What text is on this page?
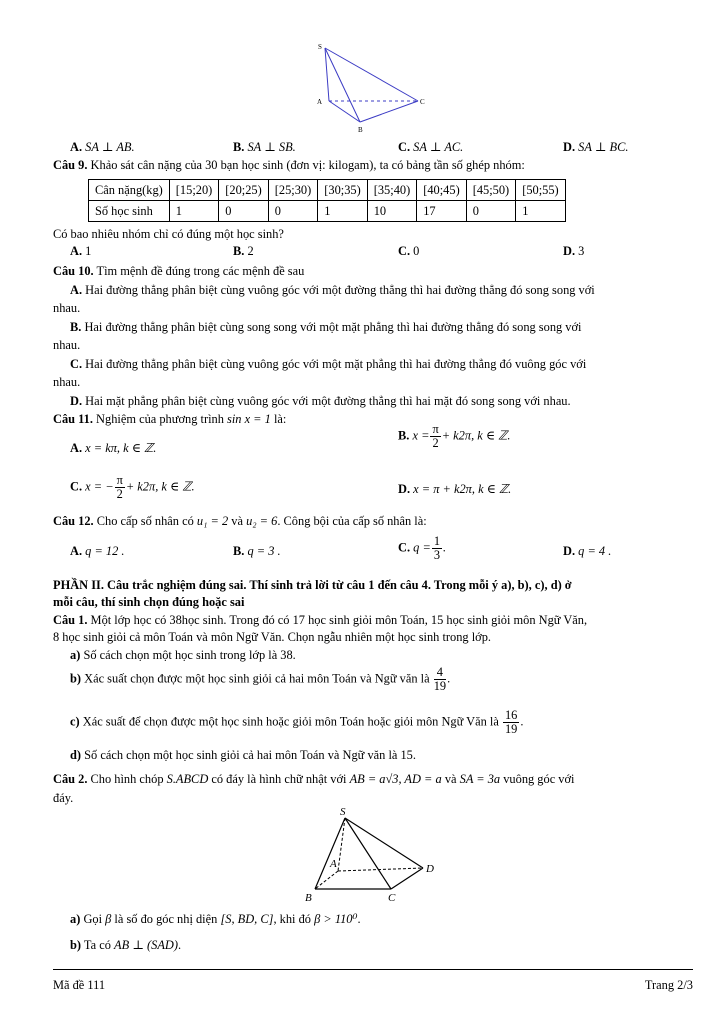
S
A
B
C
A. SA ⊥ AB.	B. SA ⊥ SB.	C. SA ⊥ AC.	D. SA ⊥ BC.
Câu 9. Khảo sát cân nặng của 30 bạn học sinh (đơn vị: kilogam), ta có bảng tần số ghép nhóm:
Cân nặng(kg)	[15;20)	[20;25)	[25;30)	[30;35)	[35;40)	[40;45)	[45;50)	[50;55)
Số học sinh	1	0	0	1	10	17	0	1
Có bao nhiêu nhóm chỉ có đúng một học sinh?
A. 1	B. 2	C. 0	D. 3
Câu 10. Tìm mệnh đề đúng trong các mệnh đề sau
A. Hai đường thẳng phân biệt cùng vuông góc với một đường thẳng thì hai đường thẳng đó song song với
nhau.
B. Hai đường thẳng phân biệt cùng song song với một mặt phẳng thì hai đường thẳng đó song song với
nhau.
C. Hai đường thẳng phân biệt cùng vuông góc với một mặt phẳng thì hai đường thẳng đó vuông góc với
nhau.
D. Hai mặt phẳng phân biệt cùng vuông góc với một đường thẳng thì hai mặt đó song song với nhau.
Câu 11. Nghiệm của phương trình sin x = 1 là:
A. x = kπ, k ∈ ℤ.
B. $x = \frac{\pi}{2} + k2\pi$, k ∈ ℤ.
C. x = − $\frac{\pi}{2} + k2\pi$, k ∈ ℤ.	D. x = π + k2π, k ∈ ℤ.
Câu 12. Cho cấp số nhân có u₁ = 2 và u₂ = 6. Công bội của cấp số nhân là:
A. q = 12 .	B. q = 3 .	C. $q = \frac{1}{3}$ .	D. q = 4 .
PHẦN II. Câu trắc nghiệm đúng sai. Thí sinh trả lời từ câu 1 đến câu 4. Trong mỗi ý a), b), c), d) ở
mỗi câu, thí sinh chọn đúng hoặc sai
Câu 1. Một lớp học có 38học sinh. Trong đó có 17 học sinh giỏi môn Toán, 15 học sinh giỏi môn Ngữ Văn,
8 học sinh giỏi cả môn Toán và môn Ngữ Văn. Chọn ngẫu nhiên một học sinh trong lớp.
a) Số cách chọn một học sinh trong lớp là 38.
b) Xác suất chọn được một học sinh giỏi cả hai môn Toán và Ngữ văn là $\frac{4}{19}$ .
c) Xác suất để chọn được một học sinh hoặc giỏi môn Toán hoặc giỏi môn Ngữ Văn là $\frac{16}{19}$ .
d) Số cách chọn một học sinh giỏi cả hai môn Toán và Ngữ văn là 15.
Câu 2. Cho hình chóp S.ABCD có đáy là hình chữ nhật với AB = a√3, AD = a và SA = 3a vuông góc với
đáy.
S
A
B	C
D
a) Gọi β là số đo góc nhị diện [S, BD, C], khi đó β > 110⁰.
b) Ta có AB ⊥ (SAD).
Mã đề 111	Trang 2/3
